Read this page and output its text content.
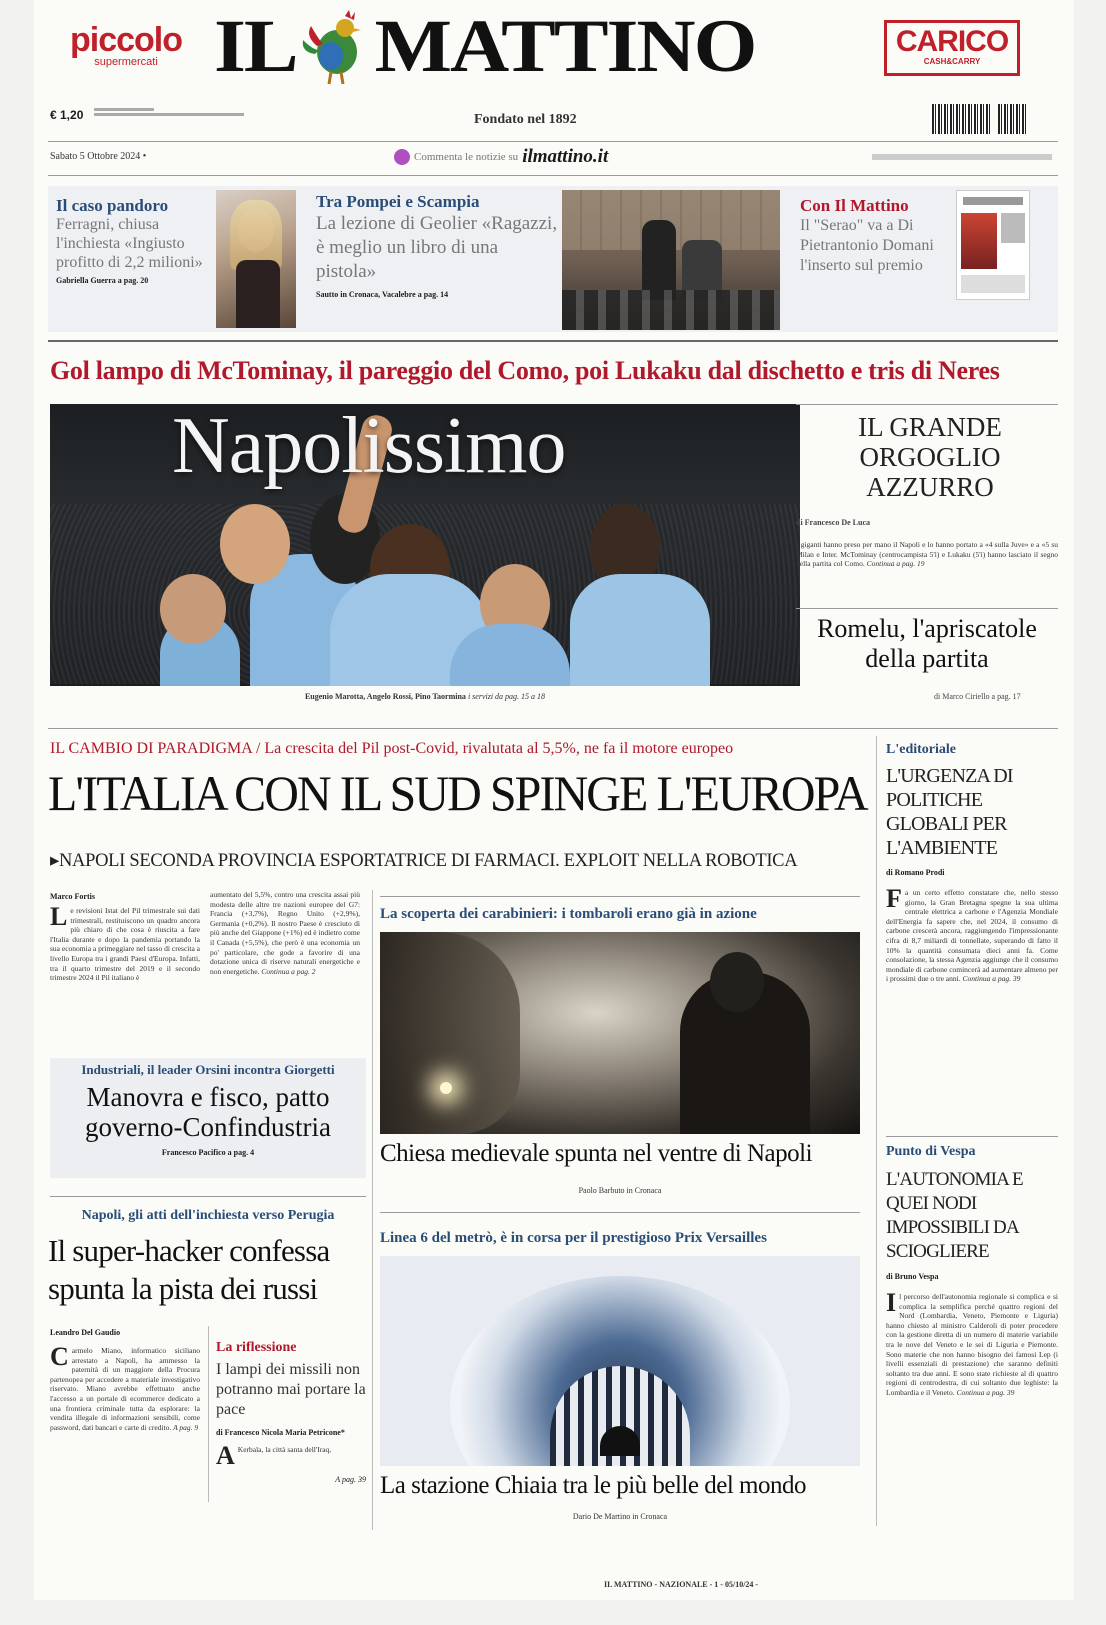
piccolo
supermercati IL MATTINO	CARICO
CASH&CARRY
€ 1,20	Fondato nel 1892
Sabato 5 Ottobre 2024 •	Commenta le notizie su ilmattino.it
Il caso pandoro
Ferragni, chiusa l'inchiesta «Ingiusto profitto di 2,2 milioni»
Gabriella Guerra a pag. 20
Tra Pompei e Scampia
La lezione di Geolier «Ragazzi, è meglio un libro di una pistola»
Sautto in Cronaca, Vacalebre a pag. 14
Con Il Mattino
Il "Serao" va a Di Pietrantonio Domani l'inserto sul premio
Gol lampo di McTominay, il pareggio del Como, poi Lukaku dal dischetto e tris di Neres
Napolissimo
Eugenio Marotta, Angelo Rossi, Pino Taormina i servizi da pag. 15 a 18
IL GRANDE ORGOGLIO AZZURRO
di Francesco De Luca
I giganti hanno preso per mano il Napoli e lo hanno portato a «4 sulla Juve» e a «5 su Milan e Inter. McTominay (centrocampista 5'ì) e Lukaku (5'ì) hanno lasciato il segno nella partita col Como. Continua a pag. 19
Romelu, l'apriscatole della partita
di Marco Ciriello a pag. 17
IL CAMBIO DI PARADIGMA / La crescita del Pil post-Covid, rivalutata al 5,5%, ne fa il motore europeo
L'ITALIA CON IL SUD SPINGE L'EUROPA
▸NAPOLI SECONDA PROVINCIA ESPORTATRICE DI FARMACI. EXPLOIT NELLA ROBOTICA
Marco Fortis
L e revisioni Istat del Pil trimestrale sui dati trimestrali, restituiscono un quadro ancora più chiaro di che cosa è riuscita a fare l'Italia durante e dopo la pandemia portando la sua economia a primeggiare nel tasso di crescita a livello Europa tra i grandi Paesi d'Europa. Infatti, tra il quarto trimestre del 2019 e il secondo trimestre 2024 il Pil italiano è
aumentato del 5,5%, contro una crescita assai più modesta delle altre tre nazioni europee del G7: Francia (+3,7%), Regno Unito (+2,9%), Germania (+0,2%). Il nostro Paese è cresciuto di più anche del Giappone (+1%) ed è indietro come il Canada (+5,5%), che però è una economia un po' particolare, che gode a favorire di una dotazione unica di riserve naturali energetiche e non energetiche. Continua a pag. 2
Industriali, il leader Orsini incontra Giorgetti
Manovra e fisco, patto governo-Confindustria
Francesco Pacifico a pag. 4
Napoli, gli atti dell'inchiesta verso Perugia
Il super-hacker confessa spunta la pista dei russi
Leandro Del Gaudio
C armelo Miano, informatico siciliano arrestato a Napoli, ha ammesso la paternità di un maggiore della Procura partenopea per accedere a materiale investigativo riservato. Miano avrebbe effettuato anche l'accesso a un portale di ecommerce dedicato a una frontiera criminale tutta da esplorare: la vendita illegale di informazioni sensibili, come password, dati bancari e carte di credito. A pag. 9
La riflessione
I lampi dei missili non potranno mai portare la pace
di Francesco Nicola Maria Petricone*
A Kerbala, la città santa dell'Iraq,
A pag. 39
La scoperta dei carabinieri: i tombaroli erano già in azione
Chiesa medievale spunta nel ventre di Napoli
Paolo Barbuto in Cronaca
Linea 6 del metrò, è in corsa per il prestigioso Prix Versailles
La stazione Chiaia tra le più belle del mondo
Dario De Martino in Cronaca
L'editoriale
L'URGENZA DI POLITICHE GLOBALI PER L'AMBIENTE
di Romano Prodi
F a un certo effetto constatare che, nello stesso giorno, la Gran Bretagna spegne la sua ultima centrale elettrica a carbone e l'Agenzia Mondiale dell'Energia fa sapere che, nel 2024, il consumo di carbone crescerà ancora, raggiungendo l'impressionante cifra di 8,7 miliardi di tonnellate, superando di fatto il 10% la quantità consumata dieci anni fa. Come consolazione, la stessa Agenzia aggiunge che il consumo mondiale di carbone comincerà ad aumentare almeno per i prossimi due o tre anni. Continua a pag. 39
Punto di Vespa
L'AUTONOMIA E QUEI NODI IMPOSSIBILI DA SCIOGLIERE
di Bruno Vespa
I l percorso dell'autonomia regionale si complica e si complica la semplifica perché quattro regioni del Nord (Lombardia, Veneto, Piemonte e Liguria) hanno chiesto al ministro Calderoli di poter procedere con la gestione diretta di un numero di materie variabile tra le nove del Veneto e le sei di Liguria e Piemonte. Sono materie che non hanno bisogno dei famosi Lep (i livelli essenziali di prestazione) che saranno definiti soltanto tra due anni. E sono state richieste al di quattro regioni di centrodestra, di cui soltanto due leghiste: la Lombardia e il Veneto. Continua a pag. 39
IL MATTINO - NAZIONALE - 1 - 05/10/24 -
